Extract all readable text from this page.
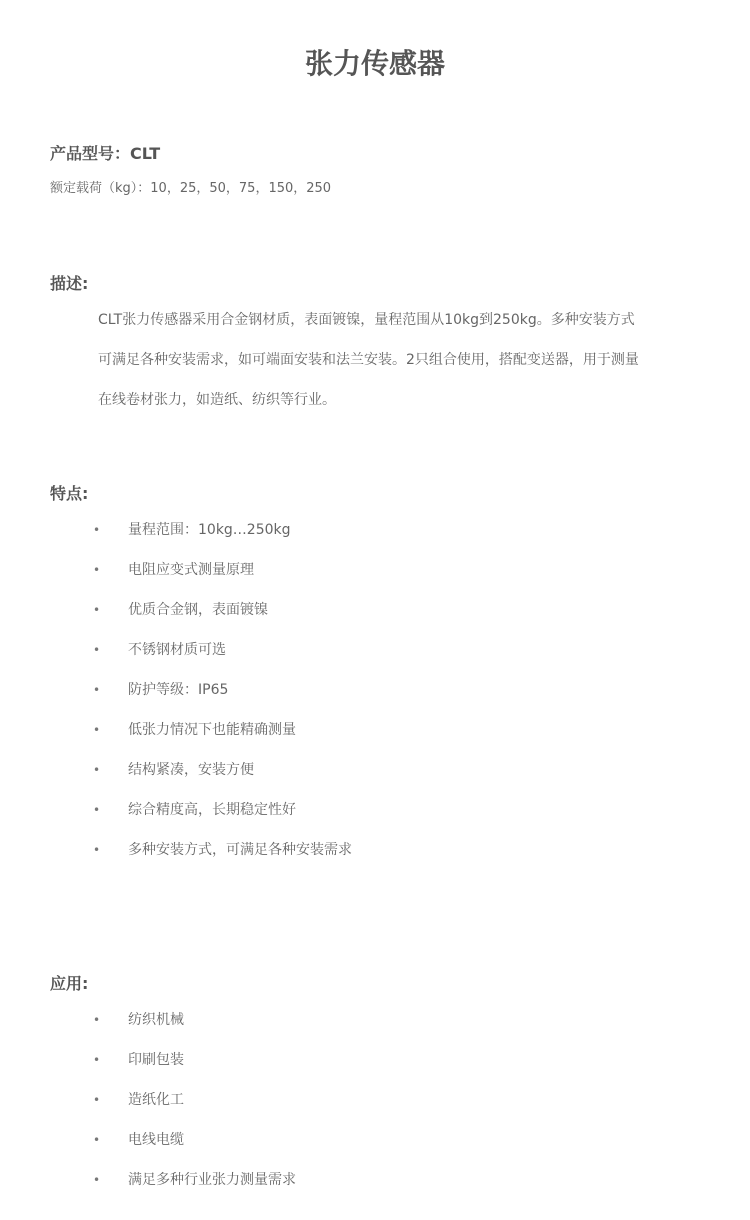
张力传感器
产品型号：CLT
额定载荷（kg）：10，25，50，75，150，250
描述:
CLT张力传感器采用合金钢材质，表面镀镍，量程范围从10kg到250kg。多种安装方式
可满足各种安装需求，如可端面安装和法兰安装。2只组合使用，搭配变送器，用于测量
在线卷材张力，如造纸、纺织等行业。
特点:
• 量程范围：10kg…250kg
• 电阻应变式测量原理
• 优质合金钢，表面镀镍
• 不锈钢材质可选
• 防护等级：IP65
• 低张力情况下也能精确测量
• 结构紧凑，安装方便
• 综合精度高，长期稳定性好
• 多种安装方式，可满足各种安装需求
应用:
• 纺织机械
• 印刷包装
• 造纸化工
• 电线电缆
• 满足多种行业张力测量需求
